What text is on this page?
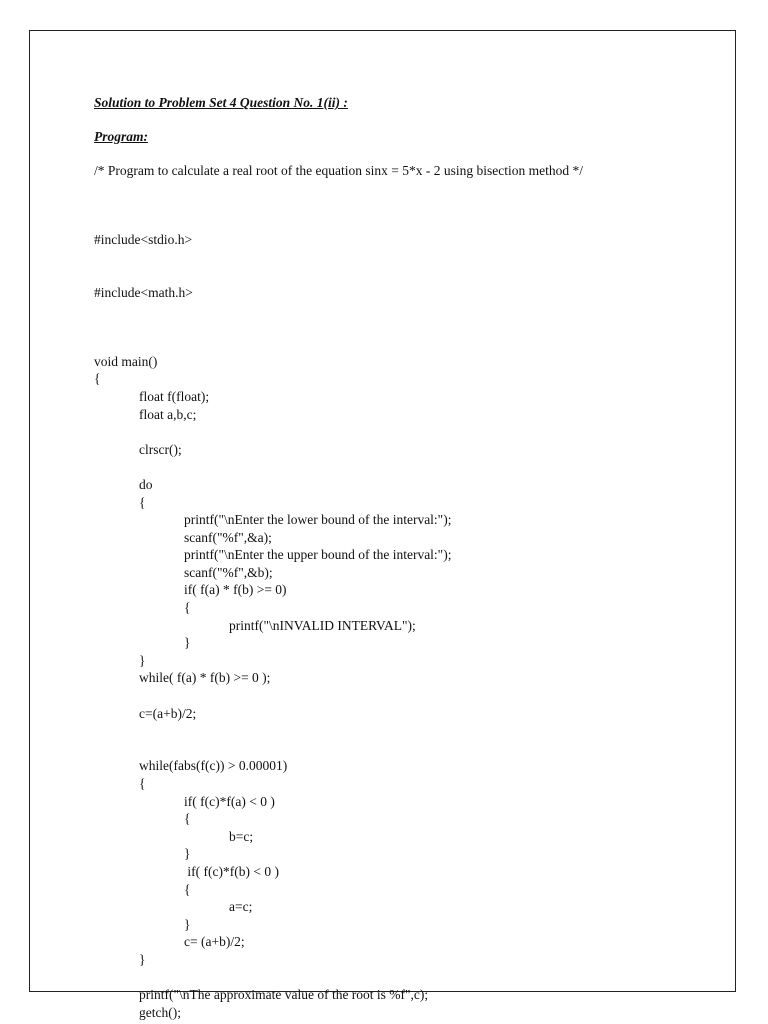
Solution to Problem Set 4 Question No. 1(ii) :

Program:

/* Program to calculate a real root of the equation sinx = 5*x - 2 using bisection method */

#include<stdio.h>

#include<math.h>

void main()
{
float f(float);
float a,b,c;
clrscr();
do
{
printf("\nEnter the lower bound of the interval:");
scanf("%f",&a);
printf("\nEnter the upper bound of the interval:");
scanf("%f",&b);
if( f(a) * f(b) >= 0)
{
printf("\nINVALID INTERVAL");
}
}
while( f(a) * f(b) >= 0 );
c=(a+b)/2;
while(fabs(f(c)) > 0.00001)
{
if( f(c)*f(a) < 0 )
{
b=c;
}
if( f(c)*f(b) < 0 )
{
a=c;
}
c= (a+b)/2;
}
printf("\nThe approximate value of the root is %f",c);
getch();
